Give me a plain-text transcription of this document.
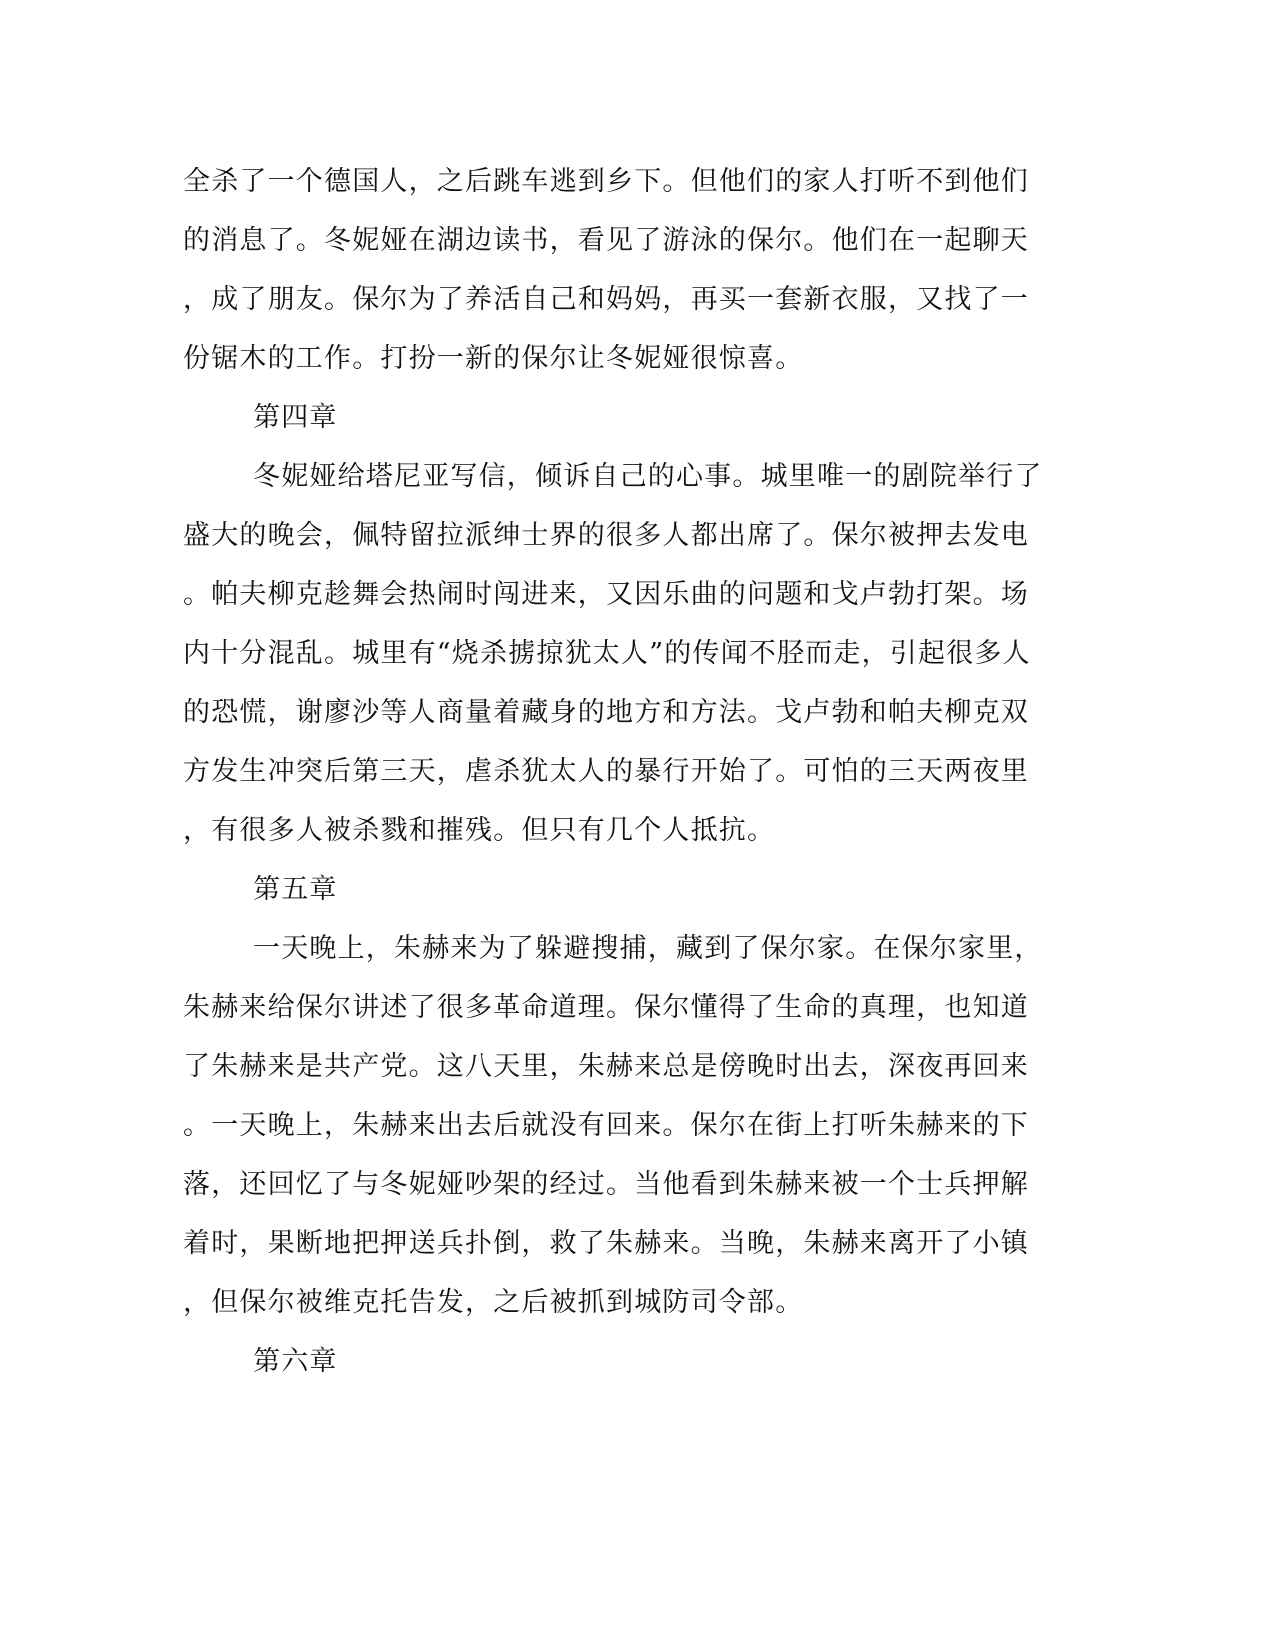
全杀了一个德国人，之后跳车逃到乡下。但他们的家人打听不到他们
的消息了。冬妮娅在湖边读书，看见了游泳的保尔。他们在一起聊天
，成了朋友。保尔为了养活自己和妈妈，再买一套新衣服，又找了一
份锯木的工作。打扮一新的保尔让冬妮娅很惊喜。
第四章
冬妮娅给塔尼亚写信，倾诉自己的心事。城里唯一的剧院举行了
盛大的晚会，佩特留拉派绅士界的很多人都出席了。保尔被押去发电
。帕夫柳克趁舞会热闹时闯进来，又因乐曲的问题和戈卢勃打架。场
内十分混乱。城里有“烧杀掳掠犹太人”的传闻不胫而走，引起很多人
的恐慌，谢廖沙等人商量着藏身的地方和方法。戈卢勃和帕夫柳克双
方发生冲突后第三天，虐杀犹太人的暴行开始了。可怕的三天两夜里
，有很多人被杀戮和摧残。但只有几个人抵抗。
第五章
一天晚上，朱赫来为了躲避搜捕，藏到了保尔家。在保尔家里，
朱赫来给保尔讲述了很多革命道理。保尔懂得了生命的真理，也知道
了朱赫来是共产党。这八天里，朱赫来总是傍晚时出去，深夜再回来
。一天晚上，朱赫来出去后就没有回来。保尔在街上打听朱赫来的下
落，还回忆了与冬妮娅吵架的经过。当他看到朱赫来被一个士兵押解
着时，果断地把押送兵扑倒，救了朱赫来。当晚，朱赫来离开了小镇
，但保尔被维克托告发，之后被抓到城防司令部。
第六章
